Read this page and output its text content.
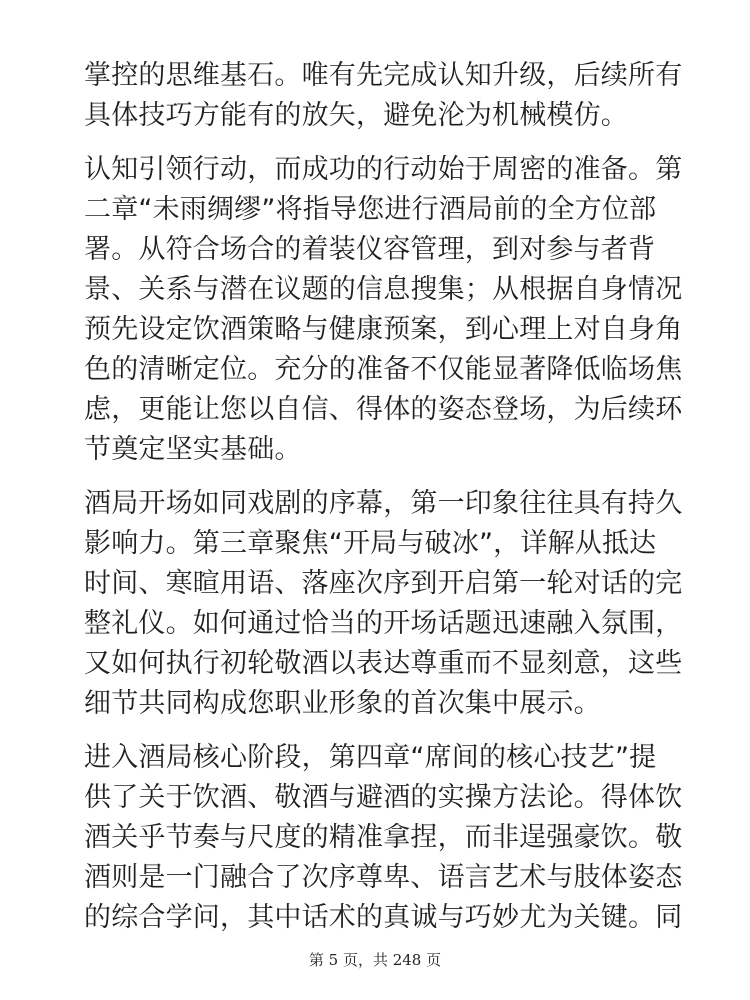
掌控的思维基石。唯有先完成认知升级，后续所有
具体技巧方能有的放矢，避免沦为机械模仿。

认知引领行动，而成功的行动始于周密的准备。第
二章“未雨绸缪”将指导您进行酒局前的全方位部
署。从符合场合的着装仪容管理，到对参与者背
景、关系与潜在议题的信息搜集；从根据自身情况
预先设定饮酒策略与健康预案，到心理上对自身角
色的清晰定位。充分的准备不仅能显著降低临场焦
虑，更能让您以自信、得体的姿态登场，为后续环
节奠定坚实基础。

酒局开场如同戏剧的序幕，第一印象往往具有持久
影响力。第三章聚焦“开局与破冰”，详解从抵达
时间、寒暄用语、落座次序到开启第一轮对话的完
整礼仪。如何通过恰当的开场话题迅速融入氛围，
又如何执行初轮敬酒以表达尊重而不显刻意，这些
细节共同构成您职业形象的首次集中展示。

进入酒局核心阶段，第四章“席间的核心技艺”提
供了关于饮酒、敬酒与避酒的实操方法论。得体饮
酒关乎节奏与尺度的精准拿捏，而非逞强豪饮。敬
酒则是一门融合了次序尊卑、语言艺术与肢体姿态
的综合学问，其中话术的真诚与巧妙尤为关键。同

第 5 页，共 248 页
